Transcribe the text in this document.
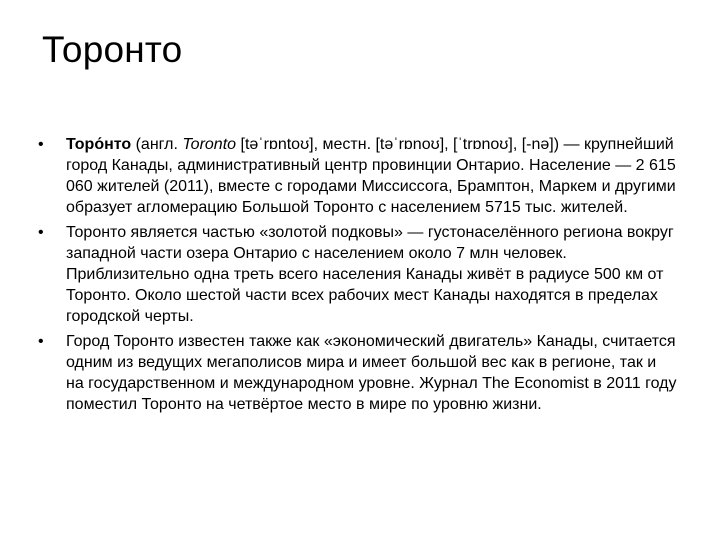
Торонто
• Торо́нто (англ. Toronto [təˈrɒntoʊ], местн. [təˈrɒnoʊ], [ˈtrɒnoʊ], [-nə]) — крупнейший город Канады, административный центр провинции Онтарио. Население — 2 615 060 жителей (2011), вместе с городами Миссиссога, Брамптон, Маркем и другими образует агломерацию Большой Торонто с населением 5715 тыс. жителей.
• Торонто является частью «золотой подковы» — густонаселённого региона вокруг западной части озера Онтарио с населением около 7 млн человек. Приблизительно одна треть всего населения Канады живёт в радиусе 500 км от Торонто. Около шестой части всех рабочих мест Канады находятся в пределах городской черты.
• Город Торонто известен также как «экономический двигатель» Канады, считается одним из ведущих мегаполисов мира и имеет большой вес как в регионе, так и на государственном и международном уровне. Журнал The Economist в 2011 году поместил Торонто на четвёртое место в мире по уровню жизни.
